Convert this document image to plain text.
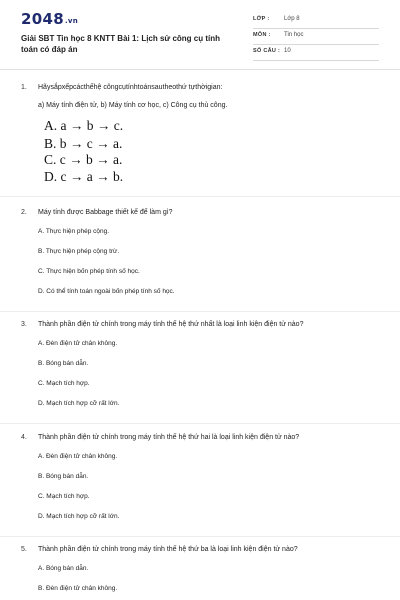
2048.vn
Giải SBT Tin học 8 KNTT Bài 1: Lịch sử công cụ tính toán có đáp án
LỚP : Lớp 8
MÔN : Tin học
SỐ CÂU : 10
1. Hãysắpxếpcácthếhệ côngcụtínhtoánsautheothứ tựthờigian:
a) Máy tính điện tử, b) Máy tính cơ học, c) Công cụ thủ công.
A. a → b → c.
B. b → c → a.
C. c → b → a.
D. c → a → b.
2. Máy tính được Babbage thiết kế để làm gì?
A. Thực hiện phép cộng.
B. Thực hiện phép cộng trừ.
C. Thực hiện bốn phép tính số học.
D. Có thể tính toán ngoài bốn phép tính số học.
3. Thành phần điện tử chính trong máy tính thế hệ thứ nhất là loại linh kiện điện tử nào?
A. Đèn điện tử chân không.
B. Bóng bán dẫn.
C. Mạch tích hợp.
D. Mạch tích hợp cỡ rất lớn.
4. Thành phần điện tử chính trong máy tính thế hệ thứ hai là loại linh kiện điện tử nào?
A. Đèn điện tử chân không.
B. Bóng bán dẫn.
C. Mạch tích hợp.
D. Mạch tích hợp cỡ rất lớn.
5. Thành phần điện tử chính trong máy tính thế hệ thứ ba là loại linh kiện điện tử nào?
A. Bóng bán dẫn.
B. Đèn điện tử chân không.
